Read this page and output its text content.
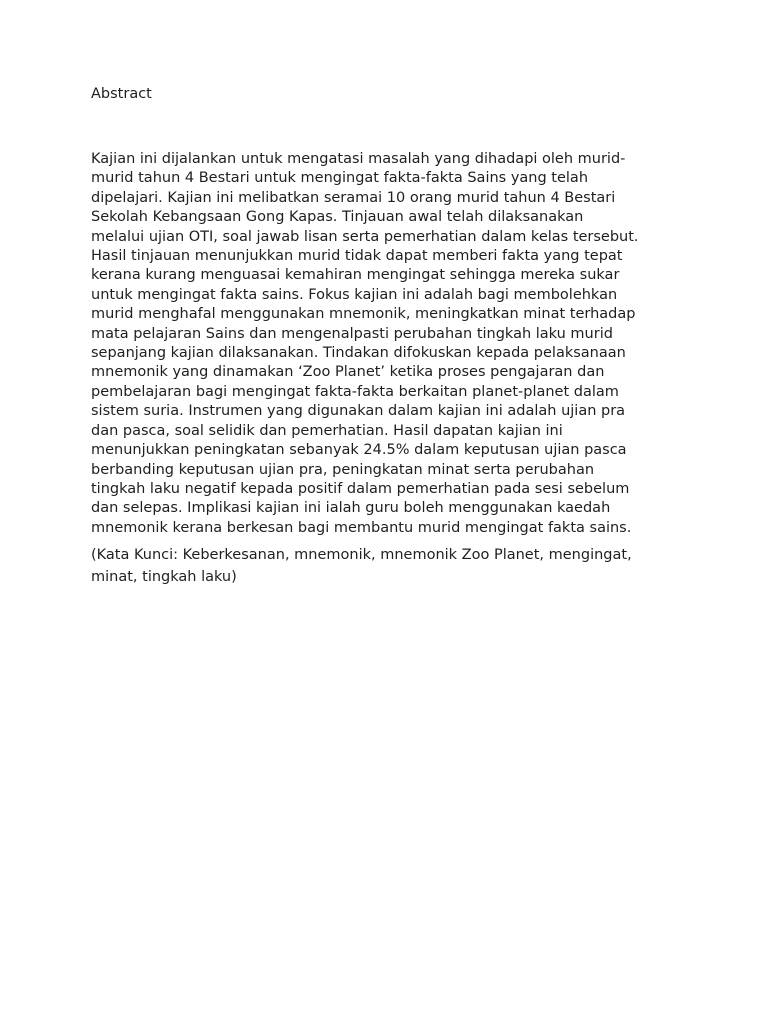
Abstract

Kajian ini dijalankan untuk mengatasi masalah yang dihadapi oleh murid-
murid tahun 4 Bestari untuk mengingat fakta-fakta Sains yang telah
dipelajari. Kajian ini melibatkan seramai 10 orang murid tahun 4 Bestari
Sekolah Kebangsaan Gong Kapas. Tinjauan awal telah dilaksanakan
melalui ujian OTI, soal jawab lisan serta pemerhatian dalam kelas tersebut.
Hasil tinjauan menunjukkan murid tidak dapat memberi fakta yang tepat
kerana kurang menguasai kemahiran mengingat sehingga mereka sukar
untuk mengingat fakta sains. Fokus kajian ini adalah bagi membolehkan
murid menghafal menggunakan mnemonik, meningkatkan minat terhadap
mata pelajaran Sains dan mengenalpasti perubahan tingkah laku murid
sepanjang kajian dilaksanakan. Tindakan difokuskan kepada pelaksanaan
mnemonik yang dinamakan ‘Zoo Planet’ ketika proses pengajaran dan
pembelajaran bagi mengingat fakta-fakta berkaitan planet-planet dalam
sistem suria. Instrumen yang digunakan dalam kajian ini adalah ujian pra
dan pasca, soal selidik dan pemerhatian. Hasil dapatan kajian ini
menunjukkan peningkatan sebanyak 24.5% dalam keputusan ujian pasca
berbanding keputusan ujian pra, peningkatan minat serta perubahan
tingkah laku negatif kepada positif dalam pemerhatian pada sesi sebelum
dan selepas. Implikasi kajian ini ialah guru boleh menggunakan kaedah
mnemonik kerana berkesan bagi membantu murid mengingat fakta sains.

(Kata Kunci: Keberkesanan, mnemonik, mnemonik Zoo Planet, mengingat,
minat, tingkah laku)
